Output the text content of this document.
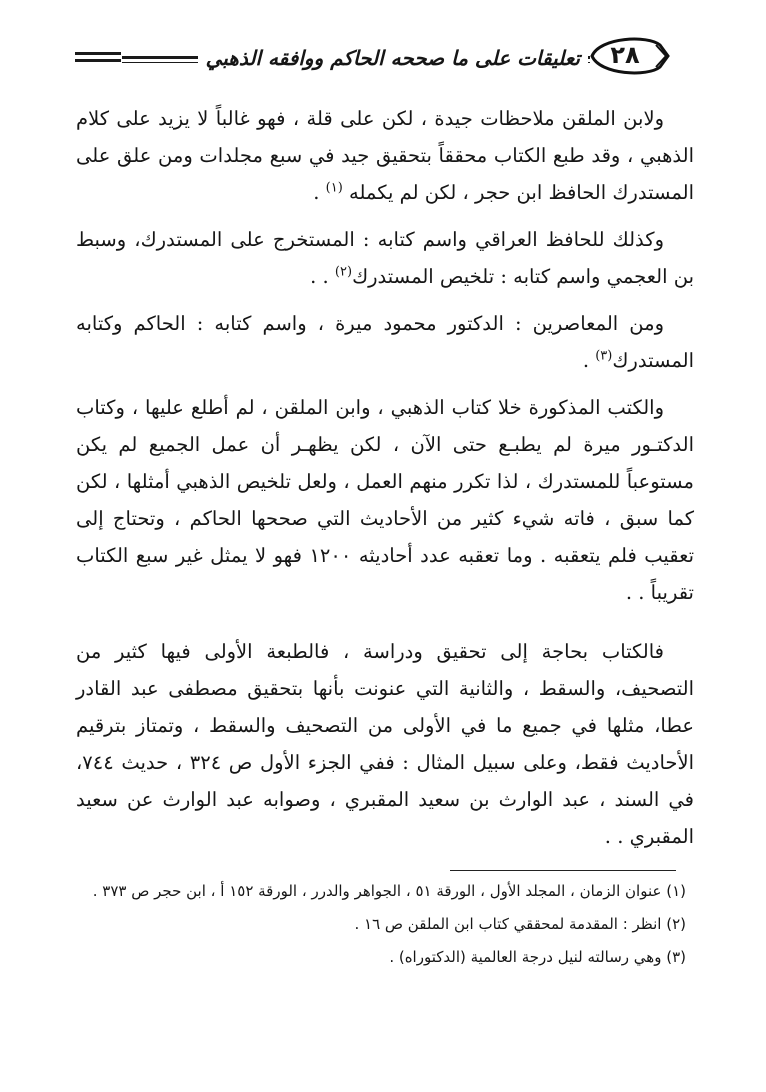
تعليقات على ما صححه الحاكم ووافقه الذهبي	٢٨

ولابن الملقن ملاحظات جيدة ، لكن على قلة ، فهو غالباً لا يزيد على كلام الذهبي ، وقد طبع الكتاب محققاً بتحقيق جيد في سبع مجلدات ومن علق على المستدرك الحافظ ابن حجر ، لكن لم يكمله $^{(١)}$ .

وكذلك للحافظ العراقي واسم كتابه : المستخرج على المستدرك، وسبط بن العجمي واسم كتابه : تلخيص المستدرك$^{(٢)}$ . .

ومن المعاصرين : الدكتور محمود ميرة ، واسم كتابه : الحاكم وكتابه المستدرك$^{(٣)}$ .

والكتب المذكورة خلا كتاب الذهبي ، وابن الملقن ، لم أطلع عليها ، وكتاب الدكتـور ميرة لم يطبـع حتى الآن ، لكن يظهـر أن عمل الجميع لم يكن مستوعباً للمستدرك ، لذا تكرر منهم العمل ، ولعل تلخيص الذهبي أمثلها ، لكن كما سبق ، فاته شيء كثير من الأحاديث التي صححها الحاكم ، وتحتاج إلى تعقيب فلم يتعقبه . وما تعقبه عدد أحاديثه ١٢٠٠ فهو لا يمثل غير سبع الكتاب تقريباً . .

فالكتاب بحاجة إلى تحقيق ودراسة ، فالطبعة الأولى فيها كثير من التصحيف، والسقط ، والثانية التي عنونت بأنها بتحقيق مصطفى عبد القادر عطا، مثلها في جميع ما في الأولى من التصحيف والسقط ، وتمتاز بترقيم الأحاديث فقط، وعلى سبيل المثال : ففي الجزء الأول ص ٣٢٤ ، حديث ٧٤٤، في السند ، عبد الوارث بن سعيد المقبري ، وصوابه عبد الوارث عن سعيد المقبري . .

(١) عنوان الزمان ، المجلد الأول ، الورقة ٥١ ، الجواهر والدرر ، الورقة ١٥٢ أ ، ابن حجر ص ٣٧٣ .

(٢) انظر : المقدمة لمحققي كتاب ابن الملقن ص ١٦ .

(٣) وهي رسالته لنيل درجة العالمية (الدكتوراه) .
